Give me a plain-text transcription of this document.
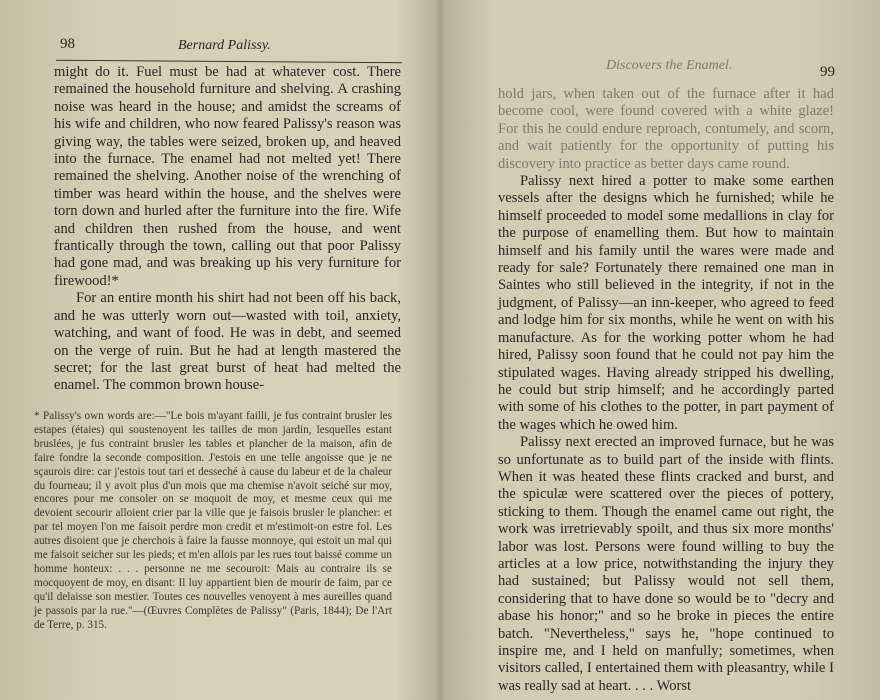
98	Bernard Palissy.

might do it. Fuel must be had at whatever cost. There remained the household furniture and shelving. A crashing noise was heard in the house; and amidst the screams of his wife and children, who now feared Palissy's reason was giving way, the tables were seized, broken up, and heaved into the furnace. The enamel had not melted yet! There remained the shelving. Another noise of the wrenching of timber was heard within the house, and the shelves were torn down and hurled after the furniture into the fire. Wife and children then rushed from the house, and went frantically through the town, calling out that poor Palissy had gone mad, and was breaking up his very furniture for firewood!*

For an entire month his shirt had not been off his back, and he was utterly worn out—wasted with toil, anxiety, watching, and want of food. He was in debt, and seemed on the verge of ruin. But he had at length mastered the secret; for the last great burst of heat had melted the enamel. The common brown house-

* Palissy's own words are:—"Le bois m'ayant failli, je fus contraint brusler les estapes (étaies) qui soustenoyent les tailles de mon jardin, lesquelles estant bruslées, je fus contraint brusler les tables et plancher de la maison, afin de faire fondre la seconde composition. J'estois en une telle angoisse que je ne sçaurois dire: car j'estois tout tari et desseché à cause du labeur et de la chaleur du fourneau; il y avoit plus d'un mois que ma chemise n'avoit seiché sur moy, encores pour me consoler on se moquoit de moy, et mesme ceux qui me devoient secourir alloient crier par la ville que je faisois brusler le plancher: et par tel moyen l'on me faisoit perdre mon credit et m'estimoit-on estre fol. Les autres disoient que je cherchois à faire la fausse monnoye, qui estoit un mal qui me faisoit seicher sur les pieds; et m'en allois par les rues tout baissé comme un homme honteux: . . . personne ne me secouroit: Mais au contraire ils se mocquoyent de moy, en disant: Il luy appartient bien de mourir de faim, par ce qu'il delaisse son mestier. Toutes ces nouvelles venoyent à mes aureilles quand je passois par la rue."—(Œuvres Complètes de Palissy" (Paris, 1844); De l'Art de Terre, p. 315.
Discovers the Enamel.	99

hold jars, when taken out of the furnace after it had become cool, were found covered with a white glaze! For this he could endure reproach, contumely, and scorn, and wait patiently for the opportunity of putting his discovery into practice as better days came round.

Palissy next hired a potter to make some earthen vessels after the designs which he furnished; while he himself proceeded to model some medallions in clay for the purpose of enamelling them. But how to maintain himself and his family until the wares were made and ready for sale? Fortunately there remained one man in Saintes who still believed in the integrity, if not in the judgment, of Palissy—an inn-keeper, who agreed to feed and lodge him for six months, while he went on with his manufacture. As for the working potter whom he had hired, Palissy soon found that he could not pay him the stipulated wages. Having already stripped his dwelling, he could but strip himself; and he accordingly parted with some of his clothes to the potter, in part payment of the wages which he owed him.

Palissy next erected an improved furnace, but he was so unfortunate as to build part of the inside with flints. When it was heated these flints cracked and burst, and the spiculæ were scattered over the pieces of pottery, sticking to them. Though the enamel came out right, the work was irretrievably spoilt, and thus six more months' labor was lost. Persons were found willing to buy the articles at a low price, notwithstanding the injury they had sustained; but Palissy would not sell them, considering that to have done so would be to "decry and abase his honor;" and so he broke in pieces the entire batch. "Nevertheless," says he, "hope continued to inspire me, and I held on manfully; sometimes, when visitors called, I entertained them with pleasantry, while I was really sad at heart. . . . Worst
